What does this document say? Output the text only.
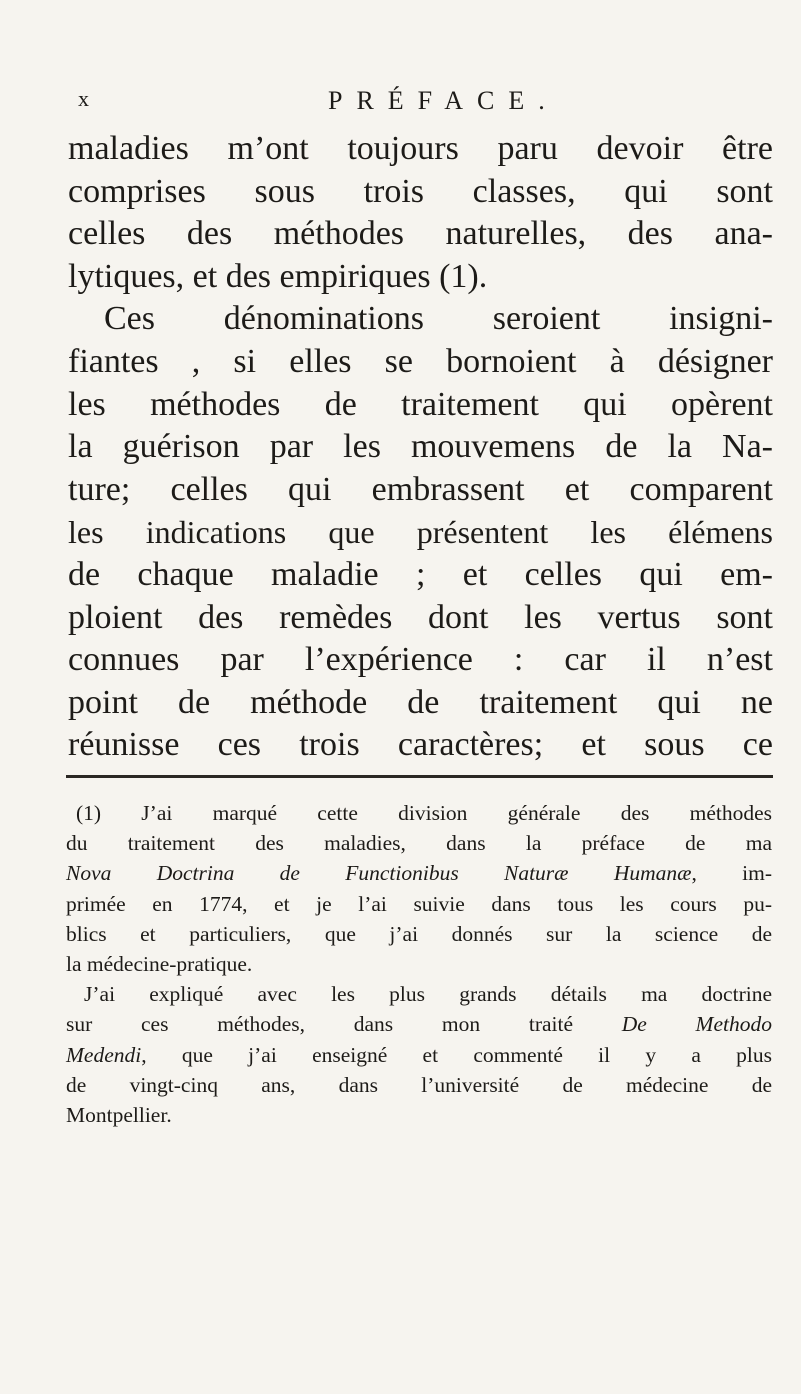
x	PRÉFACE.
maladies m’ont toujours paru devoir être
comprises sous trois classes, qui sont
celles des méthodes naturelles, des ana-
lytiques, et des empiriques (1).
Ces dénominations seroient insigni-
fiantes , si elles se bornoient à désigner
les méthodes de traitement qui opèrent
la guérison par les mouvemens de la Na-
ture; celles qui embrassent et comparent
les indications que présentent les élémens
de chaque maladie ; et celles qui em-
ploient des remèdes dont les vertus sont
connues par l’expérience : car il n’est
point de méthode de traitement qui ne
réunisse ces trois caractères; et sous ce
(1) J’ai marqué cette division générale des méthodes
du traitement des maladies, dans la préface de ma
Nova Doctrina de Functionibus Naturæ Humanæ, im-
primée en 1774, et je l’ai suivie dans tous les cours pu-
blics et particuliers, que j’ai donnés sur la science de
la médecine-pratique.
J’ai expliqué avec les plus grands détails ma doctrine
sur ces méthodes, dans mon traité De Methodo
Medendi, que j’ai enseigné et commenté il y a plus
de vingt-cinq ans, dans l’université de médecine de
Montpellier.
